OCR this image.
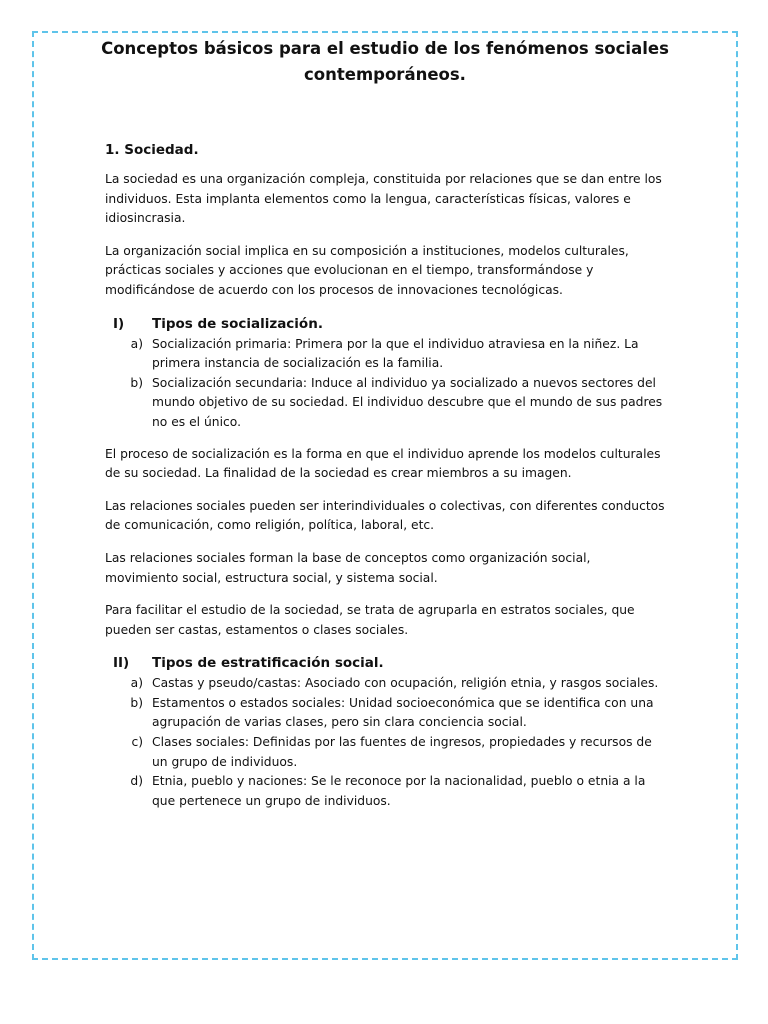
Conceptos básicos para el estudio de los fenómenos sociales contemporáneos.
1. Sociedad.

La sociedad es una organización compleja, constituida por relaciones que se dan entre los individuos. Esta implanta elementos como la lengua, características físicas, valores e idiosincrasia.

La organización social implica en su composición a instituciones, modelos culturales, prácticas sociales y acciones que evolucionan en el tiempo, transformándose y modificándose de acuerdo con los procesos de innovaciones tecnológicas.

I)	Tipos de socialización.
a) Socialización primaria: Primera por la que el individuo atraviesa en la niñez. La primera instancia de socialización es la familia.
b) Socialización secundaria: Induce al individuo ya socializado a nuevos sectores del mundo objetivo de su sociedad. El individuo descubre que el mundo de sus padres no es el único.

El proceso de socialización es la forma en que el individuo aprende los modelos culturales de su sociedad. La finalidad de la sociedad es crear miembros a su imagen.

Las relaciones sociales pueden ser interindividuales o colectivas, con diferentes conductos de comunicación, como religión, política, laboral, etc.

Las relaciones sociales forman la base de conceptos como organización social, movimiento social, estructura social, y sistema social.

Para facilitar el estudio de la sociedad, se trata de agruparla en estratos sociales, que pueden ser castas, estamentos o clases sociales.

II)	Tipos de estratificación social.
a) Castas y pseudo/castas: Asociado con ocupación, religión etnia, y rasgos sociales.
b) Estamentos o estados sociales: Unidad socioeconómica que se identifica con una agrupación de varias clases, pero sin clara conciencia social.
c) Clases sociales: Definidas por las fuentes de ingresos, propiedades y recursos de un grupo de individuos.
d) Etnia, pueblo y naciones: Se le reconoce por la nacionalidad, pueblo o etnia a la que pertenece un grupo de individuos.
